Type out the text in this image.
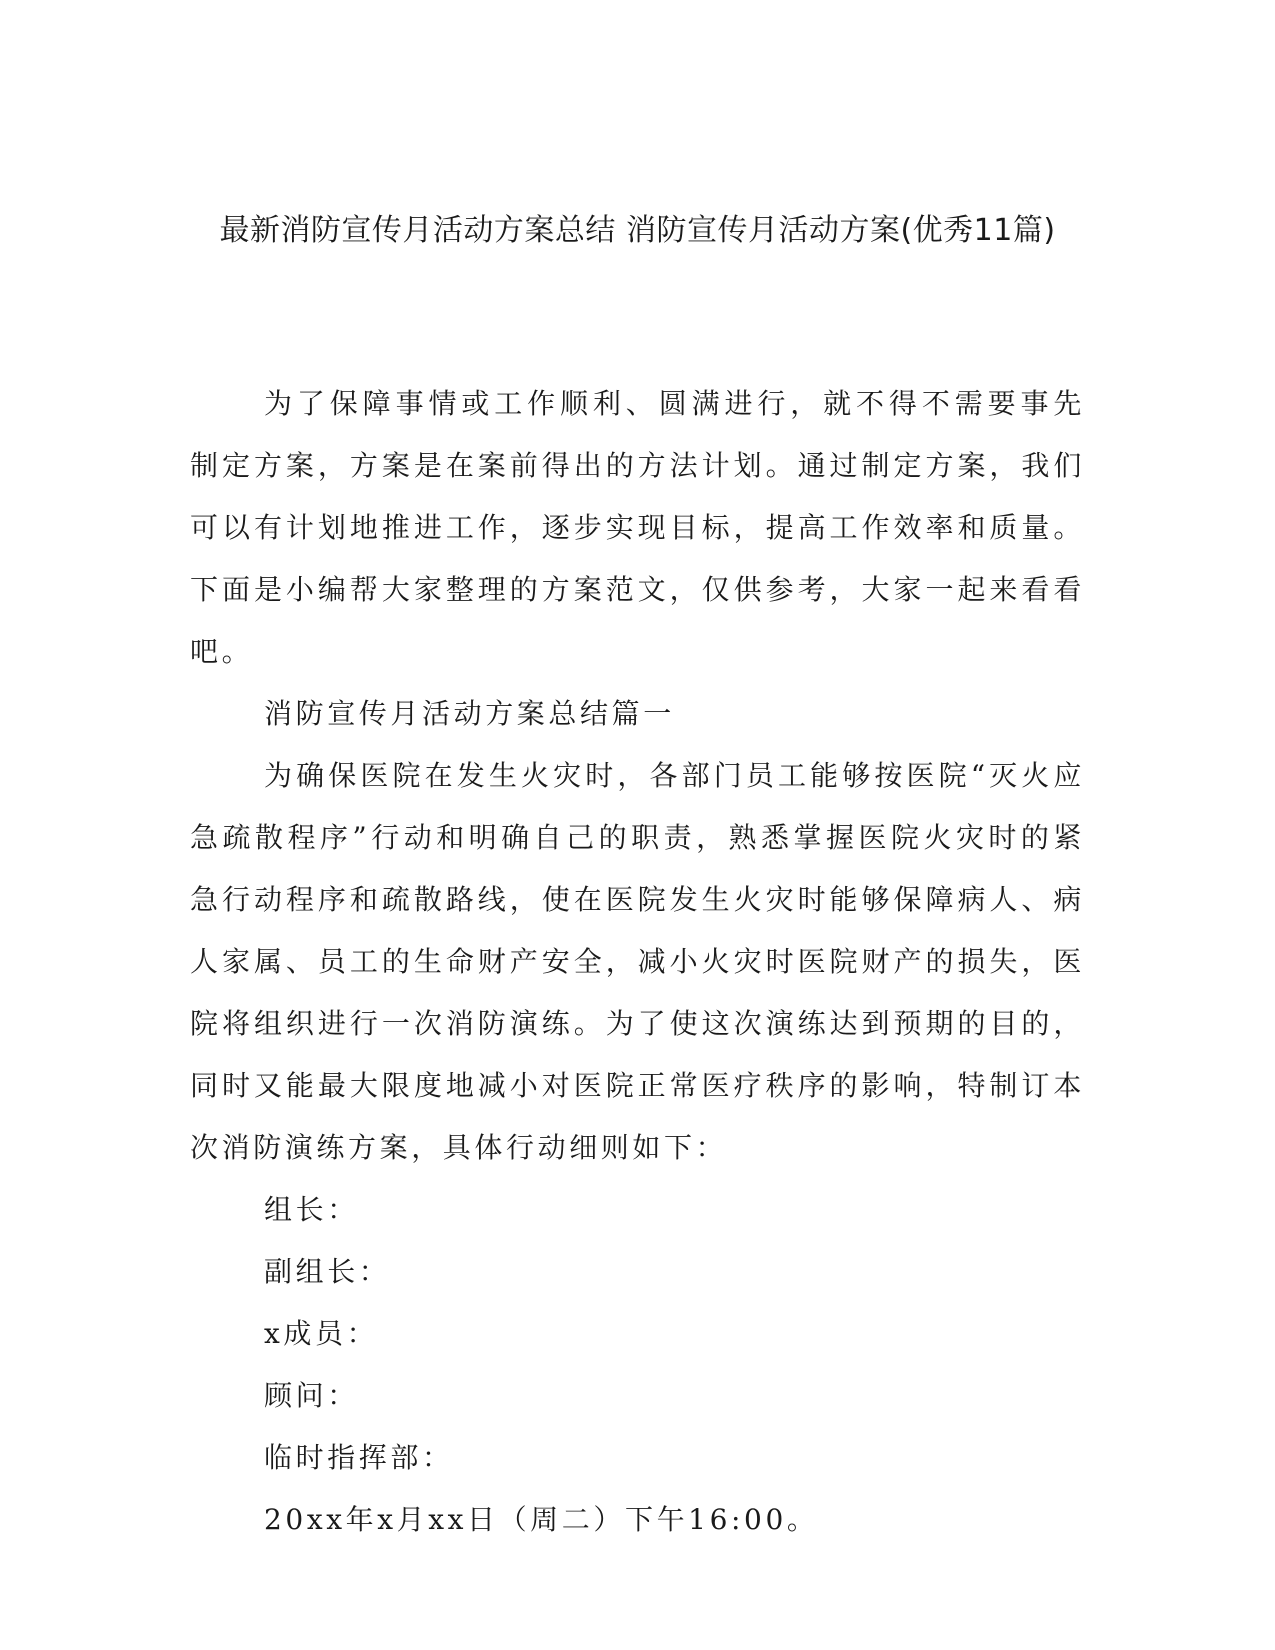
最新消防宣传月活动方案总结 消防宣传月活动方案(优秀11篇)

为了保障事情或工作顺利、圆满进行，就不得不需要事先制定方案，方案是在案前得出的方法计划。通过制定方案，我们可以有计划地推进工作，逐步实现目标，提高工作效率和质量。下面是小编帮大家整理的方案范文，仅供参考，大家一起来看看吧。

消防宣传月活动方案总结篇一

为确保医院在发生火灾时，各部门员工能够按医院“灭火应急疏散程序”行动和明确自己的职责，熟悉掌握医院火灾时的紧急行动程序和疏散路线，使在医院发生火灾时能够保障病人、病人家属、员工的生命财产安全，减小火灾时医院财产的损失，医院将组织进行一次消防演练。为了使这次演练达到预期的目的，同时又能最大限度地减小对医院正常医疗秩序的影响，特制订本次消防演练方案，具体行动细则如下：

组长：

副组长：

x成员：

顾问：

临时指挥部：

20xx年x月xx日（周二）下午16:00。
